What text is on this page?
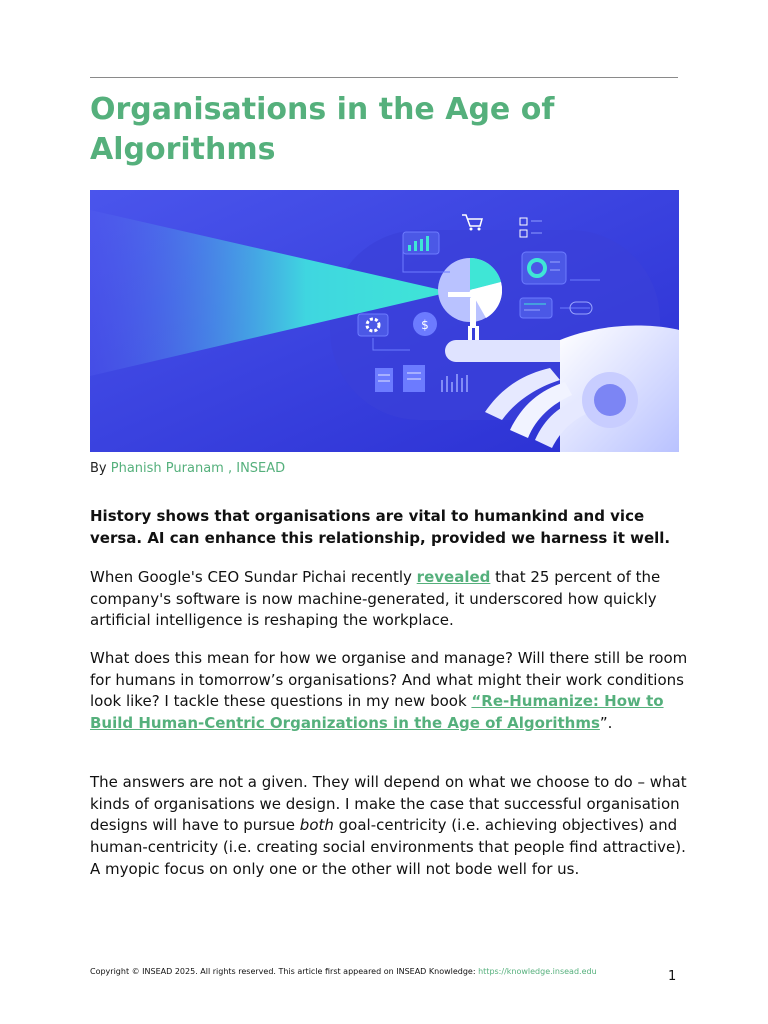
Organisations in the Age of Algorithms
$

By Phanish Puranam , INSEAD

History shows that organisations are vital to humankind and vice versa. AI can enhance this relationship, provided we harness it well.

When Google's CEO Sundar Pichai recently revealed that 25 percent of the company's software is now machine-generated, it underscored how quickly artificial intelligence is reshaping the workplace.

What does this mean for how we organise and manage? Will there still be room for humans in tomorrow’s organisations? And what might their work conditions look like? I tackle these questions in my new book “Re-Humanize: How to Build Human-Centric Organizations in the Age of Algorithms”.

The answers are not a given. They will depend on what we choose to do – what kinds of organisations we design. I make the case that successful organisation designs will have to pursue both goal-centricity (i.e. achieving objectives) and human-centricity (i.e. creating social environments that people find attractive). A myopic focus on only one or the other will not bode well for us.

Copyright © INSEAD 2025. All rights reserved. This article first appeared on INSEAD Knowledge: https://knowledge.insead.edu	1
